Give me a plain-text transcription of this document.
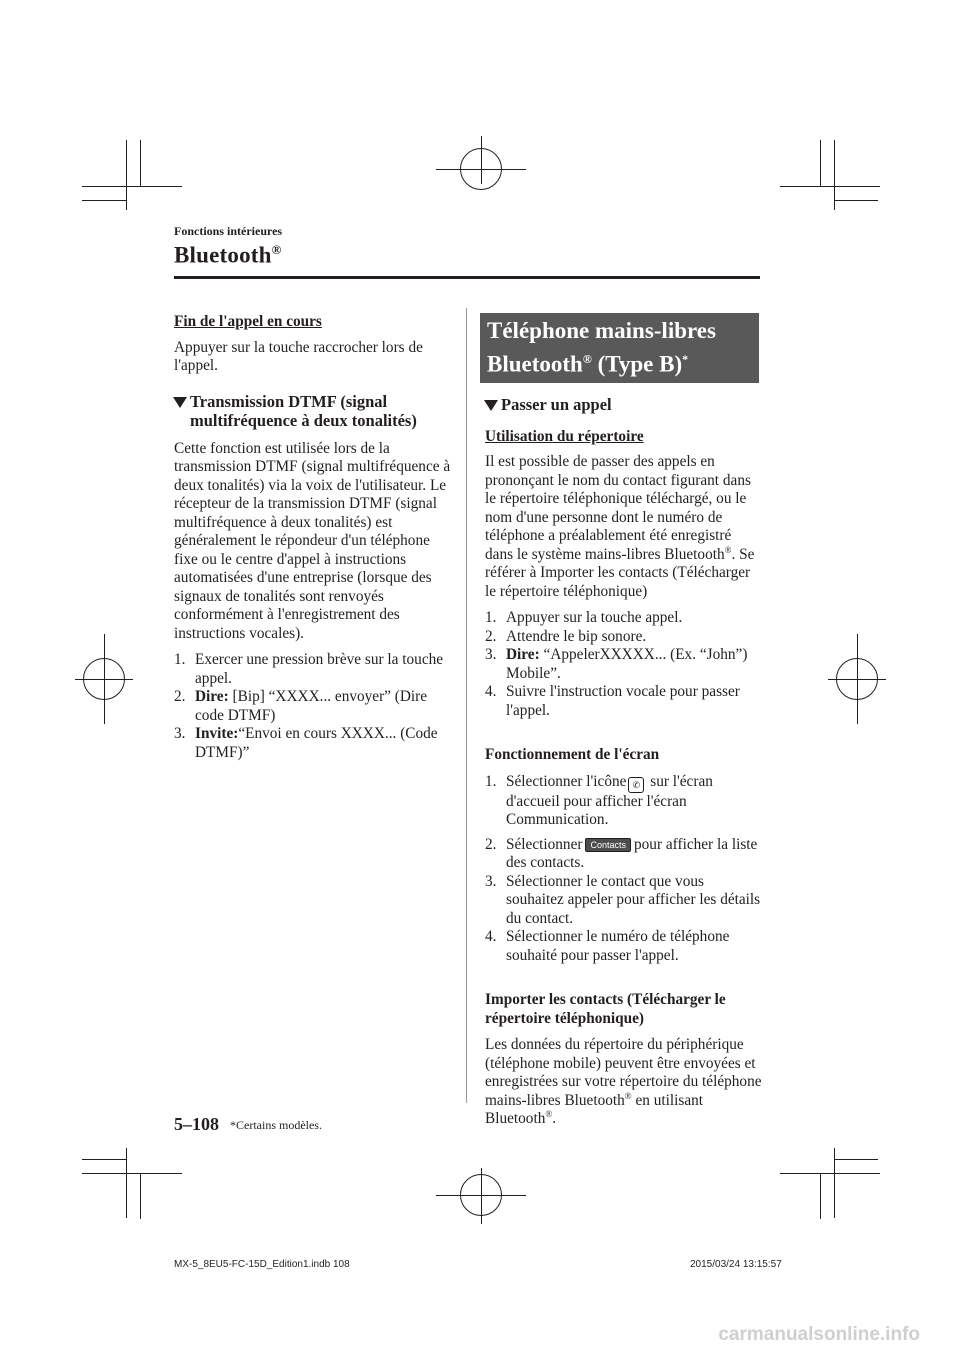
Fonctions intérieures
Bluetooth®
Fin de l'appel en cours

Appuyer sur la touche raccrocher lors de l'appel.

Transmission DTMF (signal multifréquence à deux tonalités)

Cette fonction est utilisée lors de la transmission DTMF (signal multifréquence à deux tonalités) via la voix de l'utilisateur. Le récepteur de la transmission DTMF (signal multifréquence à deux tonalités) est généralement le répondeur d'un téléphone fixe ou le centre d'appel à instructions automatisées d'une entreprise (lorsque des signaux de tonalités sont renvoyés conformément à l'enregistrement des instructions vocales).

1. Exercer une pression brève sur la touche appel.
2. Dire: [Bip] “XXXX... envoyer” (Dire code DTMF)
3. Invite:“Envoi en cours XXXX... (Code DTMF)”
Téléphone mains-libres
Bluetooth® (Type B)*
Passer un appel
Utilisation du répertoire

Il est possible de passer des appels en prononçant le nom du contact figurant dans le répertoire téléphonique téléchargé, ou le nom d'une personne dont le numéro de téléphone a préalablement été enregistré dans le système mains-libres Bluetooth®. Se référer à Importer les contacts (Télécharger le répertoire téléphonique)

1. Appuyer sur la touche appel.
2. Attendre le bip sonore.
3. Dire: “AppelerXXXXX... (Ex. “John”) Mobile”.
4. Suivre l'instruction vocale pour passer l'appel.
Fonctionnement de l'écran
1. Sélectionner l'icône ✆ sur l'écran d'accueil pour afficher l'écran Communication.
2. Sélectionner Contacts pour afficher la liste des contacts.
3. Sélectionner le contact que vous souhaitez appeler pour afficher les détails du contact.
4. Sélectionner le numéro de téléphone souhaité pour passer l'appel.
Importer les contacts (Télécharger le répertoire téléphonique)

Les données du répertoire du périphérique (téléphone mobile) peuvent être envoyées et enregistrées sur votre répertoire du téléphone mains-libres Bluetooth® en utilisant Bluetooth®.

5–108 *Certains modèles.
MX-5_8EU5-FC-15D_Edition1.indb 108	2015/03/24 13:15:57
carmanualsonline.info
